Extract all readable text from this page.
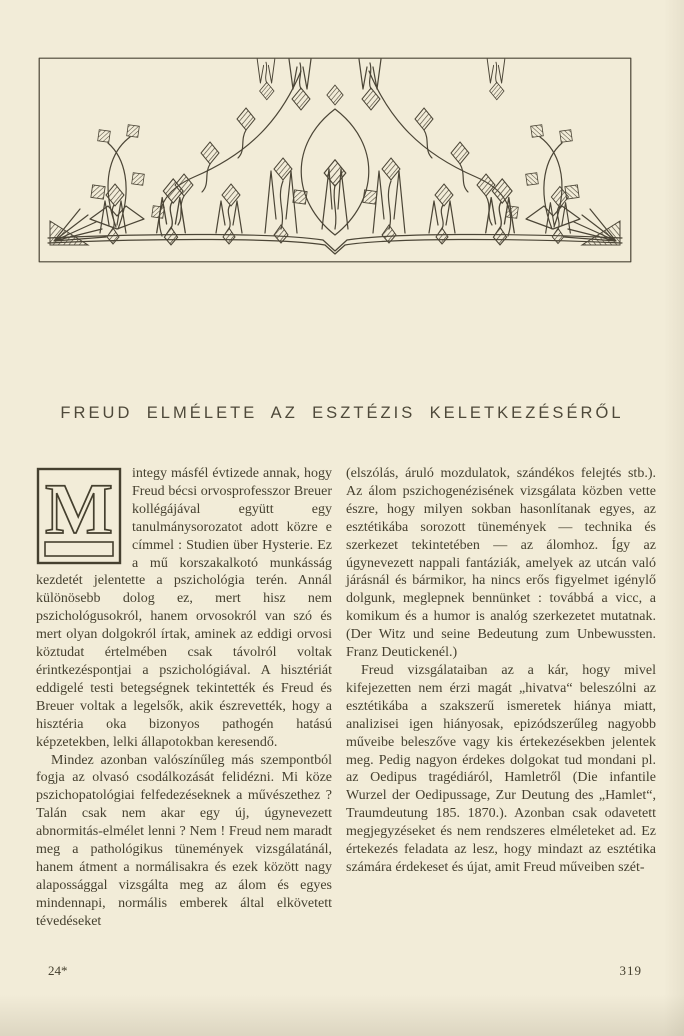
FREUD ELMÉLETE AZ ESZTÉZIS KELETKEZÉSÉRŐL

M integy másfél évtizede annak, hogy Freud bécsi orvosprofesszor Breuer kollégájával együtt egy tanulmánysorozatot adott közre e címmel : Studien über Hysterie. Ez a mű korszakalkotó munkásság kezdetét jelentette a pszichológia terén. Annál különösebb dolog ez, mert hisz nem pszichológusokról, hanem orvosokról van szó és mert olyan dolgokról írtak, aminek az eddigi orvosi köztudat értelmében csak távolról voltak érintkezéspontjai a pszichológiával. A hisztériát eddigelé testi betegségnek tekintették és Freud és Breuer voltak a legelsők, akik észrevették, hogy a hisztéria oka bizonyos pathogén hatású képzetekben, lelki állapotokban keresendő.

Mindez azonban valószínűleg más szempontból fogja az olvasó csodálkozását felidézni. Mi köze pszichopatológiai felfedezéseknek a művészethez ? Talán csak nem akar egy új, úgynevezett abnormitás-elmélet lenni ? Nem ! Freud nem maradt meg a pathológikus tünemények vizsgálatánál, hanem átment a normálisakra és ezek között nagy alapossággal vizsgálta meg az álom és egyes mindennapi, normális emberek által elkövetett tévedéseket

(elszólás, áruló mozdulatok, szándékos felejtés stb.). Az álom pszichogenézisének vizsgálata közben vette észre, hogy milyen sokban hasonlítanak egyes, az esztétikába sorozott tünemények — technika és szerkezet tekintetében — az álomhoz. Így az úgynevezett nappali fantáziák, amelyek az utcán való járásnál és bármikor, ha nincs erős figyelmet igénylő dolgunk, meglepnek bennünket : továbbá a vicc, a komikum és a humor is analóg szerkezetet mutatnak. (Der Witz und seine Bedeutung zum Unbewussten. Franz Deutickenél.)

Freud vizsgálataiban az a kár, hogy mivel kifejezetten nem érzi magát „hivatva“ beleszólni az esztétikába a szakszerű ismeretek hiánya miatt, analizisei igen hiányosak, epizódszerűleg nagyobb műveibe beleszőve vagy kis értekezésekben jelentek meg. Pedig nagyon érdekes dolgokat tud mondani pl. az Oedipus tragédiáról, Hamletről (Die infantile Wurzel der Oedipussage, Zur Deutung des „Hamlet“, Traumdeutung 185. 1870.). Azonban csak odavetett megjegyzéseket és nem rendszeres elméleteket ad. Ez értekezés feladata az lesz, hogy mindazt az esztétika számára érdekeset és újat, amit Freud műveiben szét-

24*	319
